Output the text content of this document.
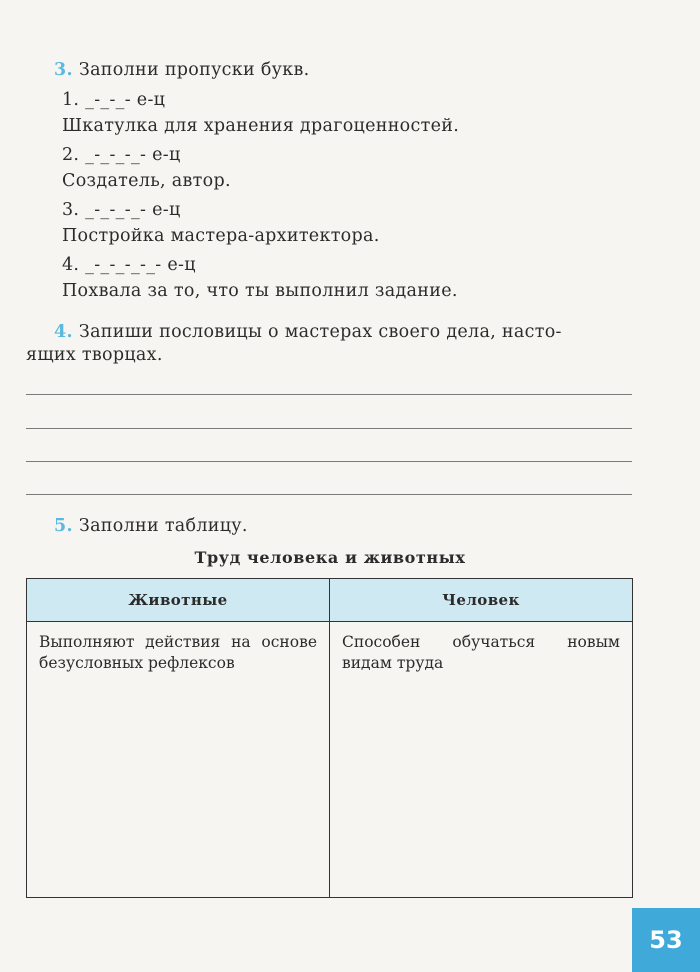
3. Заполни пропуски букв.
1. _-_-_- е-ц
Шкатулка для хранения драгоценностей.
2. _-_-_-_- е-ц
Создатель, автор.
3. _-_-_-_- е-ц
Постройка мастера-архитектора.
4. _-_-_-_-_- е-ц
Похвала за то, что ты выполнил задание.
4. Запиши пословицы о мастерах своего дела, насто-
ящих творцах.
5. Заполни таблицу.
Труд человека и животных
Животные	Человек
Выполняют действия на основе безусловных рефлексов	Способен обучаться новым видам труда
53
